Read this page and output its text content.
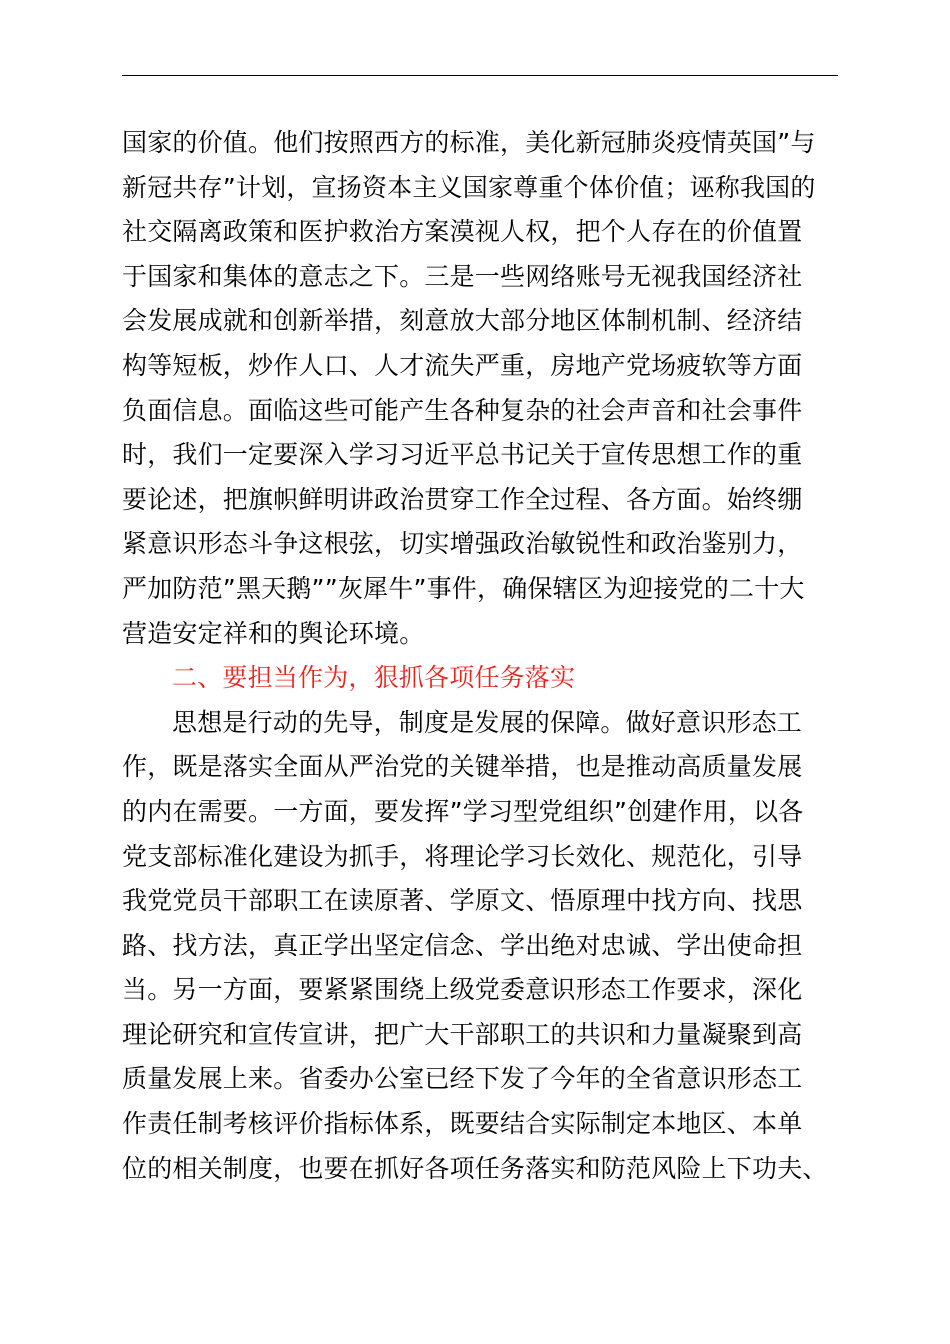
国家的价值。他们按照西方的标准，美化新冠肺炎疫情英国”与
新冠共存”计划，宣扬资本主义国家尊重个体价值；诬称我国的
社交隔离政策和医护救治方案漠视人权，把个人存在的价值置
于国家和集体的意志之下。三是一些网络账号无视我国经济社
会发展成就和创新举措，刻意放大部分地区体制机制、经济结
构等短板，炒作人口、人才流失严重，房地产党场疲软等方面
负面信息。面临这些可能产生各种复杂的社会声音和社会事件
时，我们一定要深入学习习近平总书记关于宣传思想工作的重
要论述，把旗帜鲜明讲政治贯穿工作全过程、各方面。始终绷
紧意识形态斗争这根弦，切实增强政治敏锐性和政治鉴别力，
严加防范”黑天鹅””灰犀牛”事件，确保辖区为迎接党的二十大
营造安定祥和的舆论环境。
二、要担当作为，狠抓各项任务落实
思想是行动的先导，制度是发展的保障。做好意识形态工
作，既是落实全面从严治党的关键举措，也是推动高质量发展
的内在需要。一方面，要发挥”学习型党组织”创建作用，以各
党支部标准化建设为抓手，将理论学习长效化、规范化，引导
我党党员干部职工在读原著、学原文、悟原理中找方向、找思
路、找方法，真正学出坚定信念、学出绝对忠诚、学出使命担
当。另一方面，要紧紧围绕上级党委意识形态工作要求，深化
理论研究和宣传宣讲，把广大干部职工的共识和力量凝聚到高
质量发展上来。省委办公室已经下发了今年的全省意识形态工
作责任制考核评价指标体系，既要结合实际制定本地区、本单
位的相关制度，也要在抓好各项任务落实和防范风险上下功夫、
